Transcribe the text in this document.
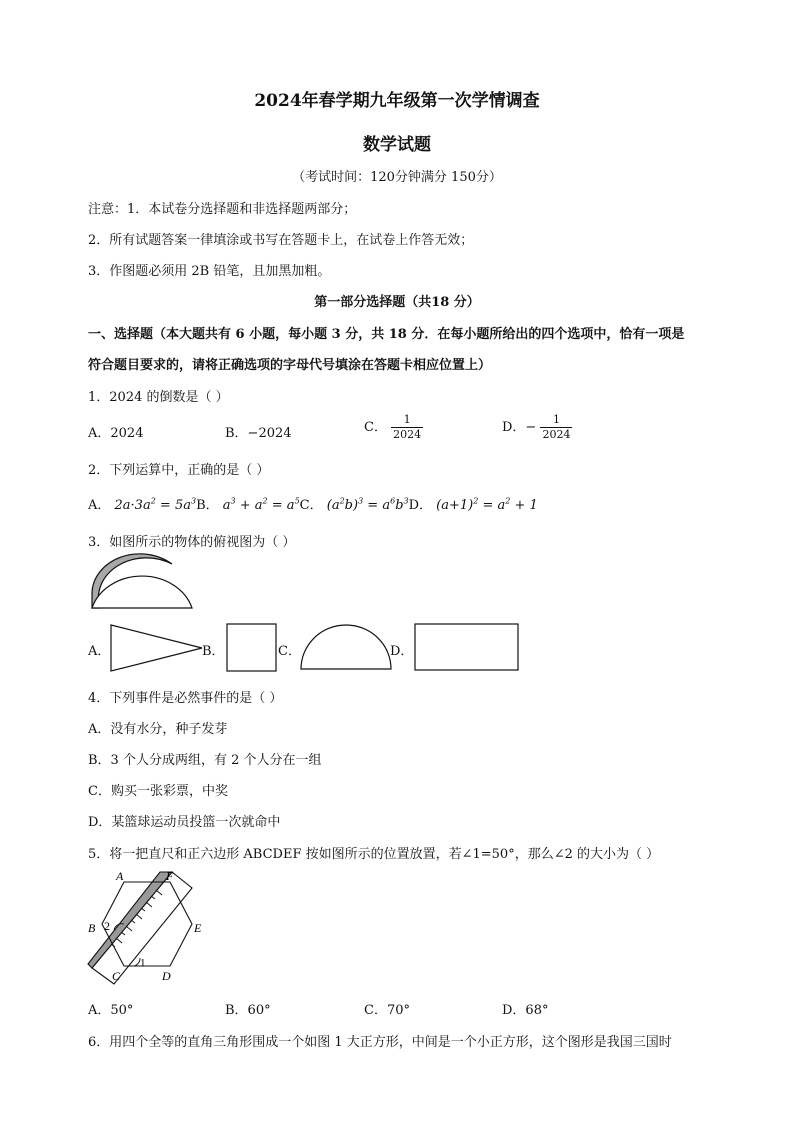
2024年春学期九年级第一次学情调查
数学试题
（考试时间：120分钟满分 150分）
注意：1．本试卷分选择题和非选择题两部分；
2．所有试题答案一律填涂或书写在答题卡上，在试卷上作答无效；
3．作图题必须用 2B 铅笔，且加黑加粗。
第一部分选择题（共18 分）
一、选择题（本大题共有 6 小题，每小题 3 分，共 18 分．在每小题所给出的四个选项中，恰有一项是
符合题目要求的，请将正确选项的字母代号填涂在答题卡相应位置上）
1．2024 的倒数是（ ）
A．2024	B．−2024	C． $\frac{1}{2024}$	D．− $\frac{1}{2024}$
2．下列运算中，正确的是（ ）
A． $2a\cdot 3a^2 = 5a^3B$． $a^3 + a^2 = a^5C$． $(a^2b)^3 = a^6b^3D$． $(a+1)^2 = a^2 + 1$
3．如图所示的物体的俯视图为（ ）
A．	B．	C．	D．
4．下列事件是必然事件的是（ ）
A．没有水分，种子发芽
B．3 个人分成两组，有 2 个人分在一组
C．购买一张彩票，中奖
D．某篮球运动员投篮一次就命中
5．将一把直尺和正六边形 ABCDEF 按如图所示的位置放置，若∠1=50°，那么∠2 的大小为（ ）
A	F
B	E
C	D
2
1
A．50°	B．60°	C．70°	D．68°
6．用四个全等的直角三角形围成一个如图 1 大正方形，中间是一个小正方形，这个图形是我国三国时
